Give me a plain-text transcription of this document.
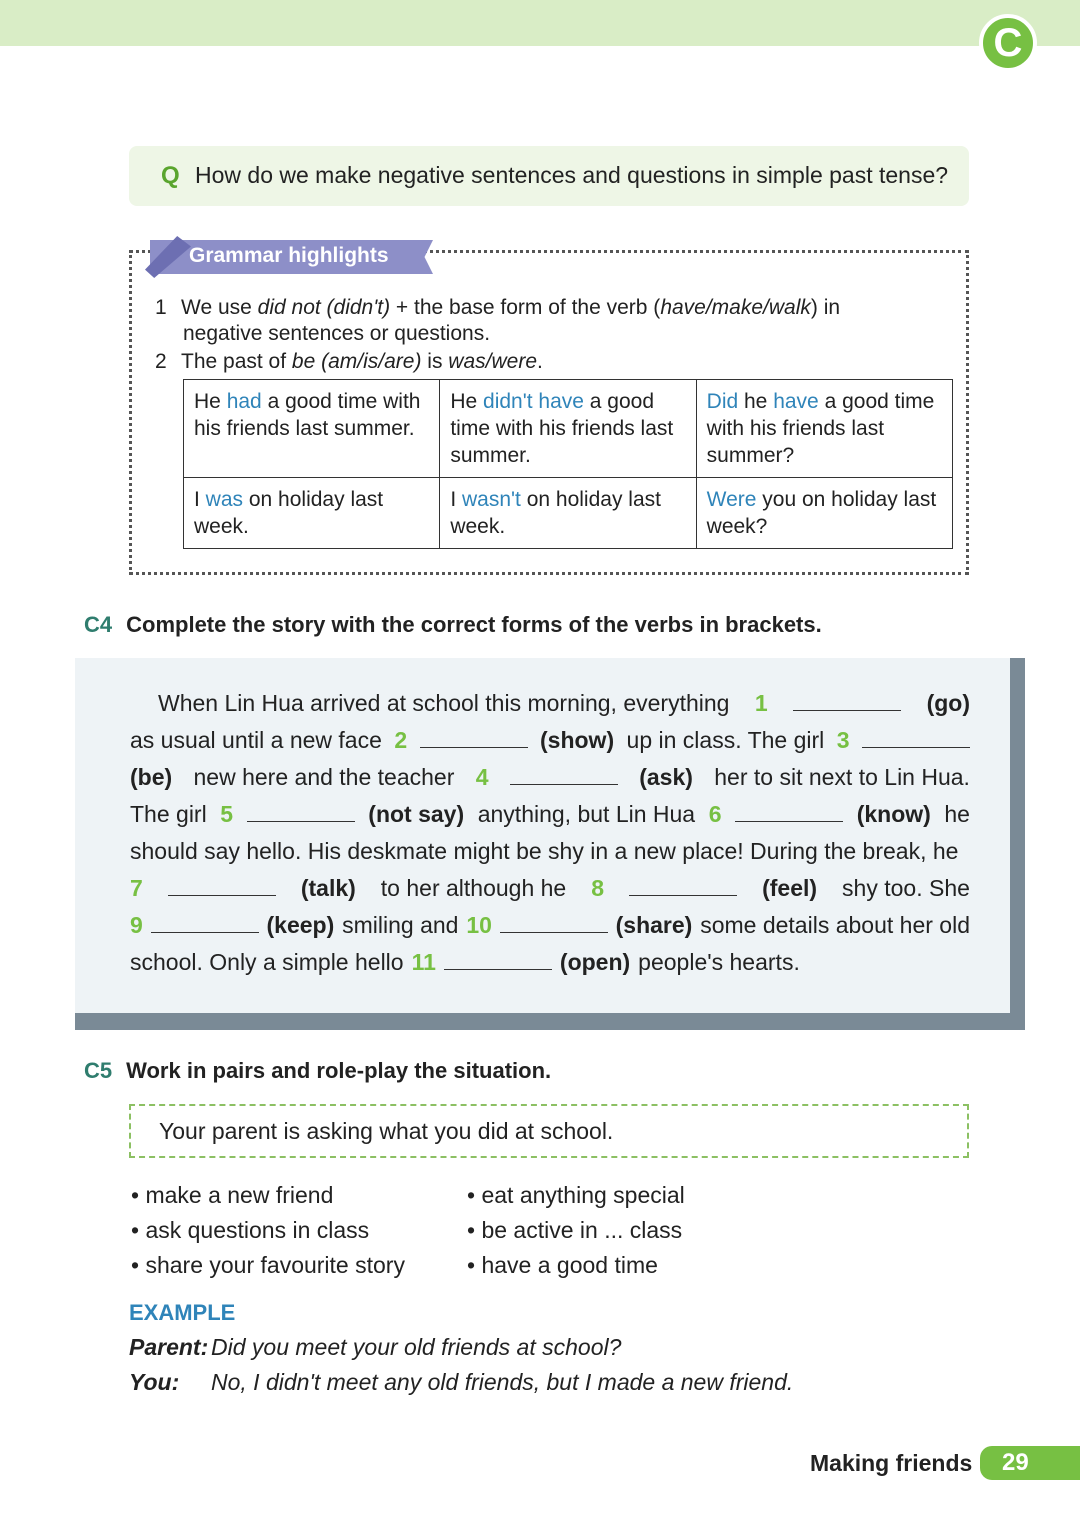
C
Q How do we make negative sentences and questions in simple past tense?
Grammar highlights
1 We use did not (didn't) + the base form of the verb (have/make/walk) in
negative sentences or questions.
2 The past of be (am/is/are) is was/were.
He had a good time with his friends last summer.	He didn't have a good time with his friends last summer.	Did he have a good time with his friends last summer?
I was on holiday last week.	I wasn't on holiday last week.	Were you on holiday last week?
C4 Complete the story with the correct forms of the verbs in brackets.
When Lin Hua arrived at school this morning, everything 1	(go)
as usual until a new face 2	(show) up in class. The girl 3
(be) new here and the teacher 4	(ask) her to sit next to Lin Hua.
The girl 5	(not say) anything, but Lin Hua 6	(know) he
should say hello. His deskmate might be shy in a new place! During the break, he
7	(talk) to her although he 8	(feel) shy too. She
9	(keep) smiling and 10	(share) some details about her old
school. Only a simple hello 11	(open) people's hearts.
C5 Work in pairs and role-play the situation.
Your parent is asking what you did at school.
• make a new friend
• ask questions in class
• share your favourite story
• eat anything special
• be active in ... class
• have a good time
EXAMPLE
Parent: Did you meet your old friends at school?
You: No, I didn't meet any old friends, but I made a new friend.
Making friends	29
